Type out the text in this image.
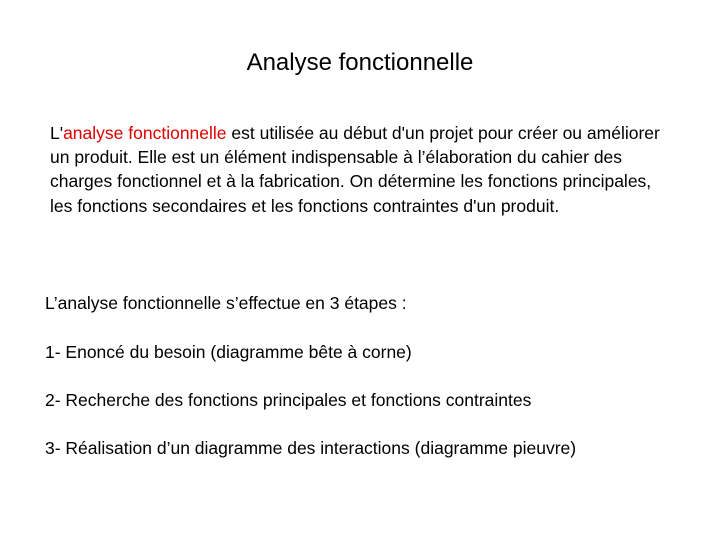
Analyse fonctionnelle
L'analyse fonctionnelle est utilisée au début d'un projet pour créer ou améliorer un produit. Elle est un élément indispensable à l’élaboration du cahier des charges fonctionnel et à la fabrication. On détermine les fonctions principales, les fonctions secondaires et les fonctions contraintes d'un produit.
L’analyse fonctionnelle s’effectue en 3 étapes :
1- Enoncé du besoin (diagramme bête à corne)
2- Recherche des fonctions principales et fonctions contraintes
3- Réalisation d’un diagramme des interactions (diagramme pieuvre)
